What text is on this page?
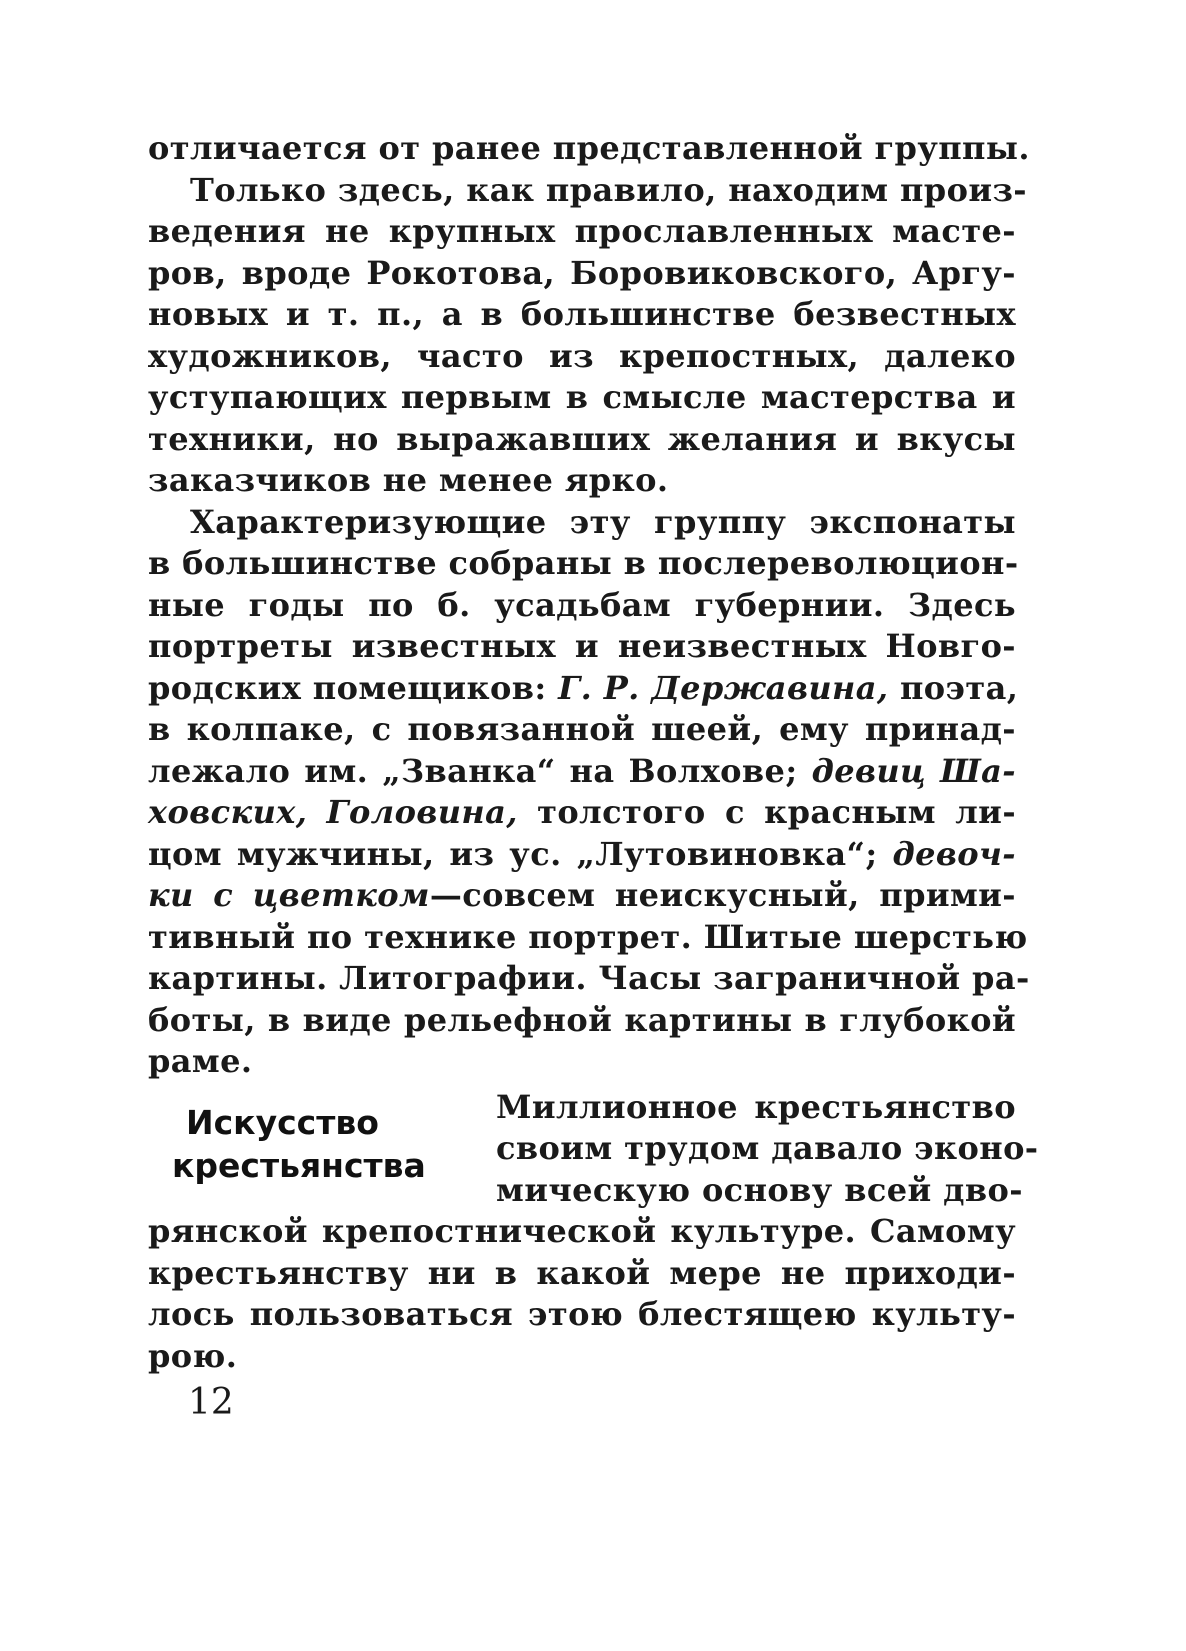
отличается от ранее представленной группы.
Только здесь, как правило, находим произ-
ведения не крупных прославленных масте-
ров, вроде Рокотова, Боровиковского, Аргу-
новых и т. п., а в большинстве безвестных
художников, часто из крепостных, далеко
уступающих первым в смысле мастерства и
техники, но выражавших желания и вкусы
заказчиков не менее ярко.
Характеризующие эту группу экспонаты
в большинстве собраны в послереволюцион-
ные годы по б. усадьбам губернии. Здесь
портреты известных и неизвестных Новго-
родских помещиков: Г. Р. Державина, поэта,
в колпаке, с повязанной шеей, ему принад-
лежало им. „Званка“ на Волхове; девиц Ша-
ховских, Головина, толстого с красным ли-
цом мужчины, из ус. „Лутовиновка“; девоч-
ки с цветком—совсем неискусный, прими-
тивный по технике портрет. Шитые шерстью
картины. Литографии. Часы заграничной ра-
боты, в виде рельефной картины в глубокой
раме.
Искусство
крестьянства
Миллионное крестьянство
своим трудом давало эконо-
мическую основу всей дво-
рянской крепостнической культуре. Самому
крестьянству ни в какой мере не приходи-
лось пользоваться этою блестящею культу-
рою.
12
